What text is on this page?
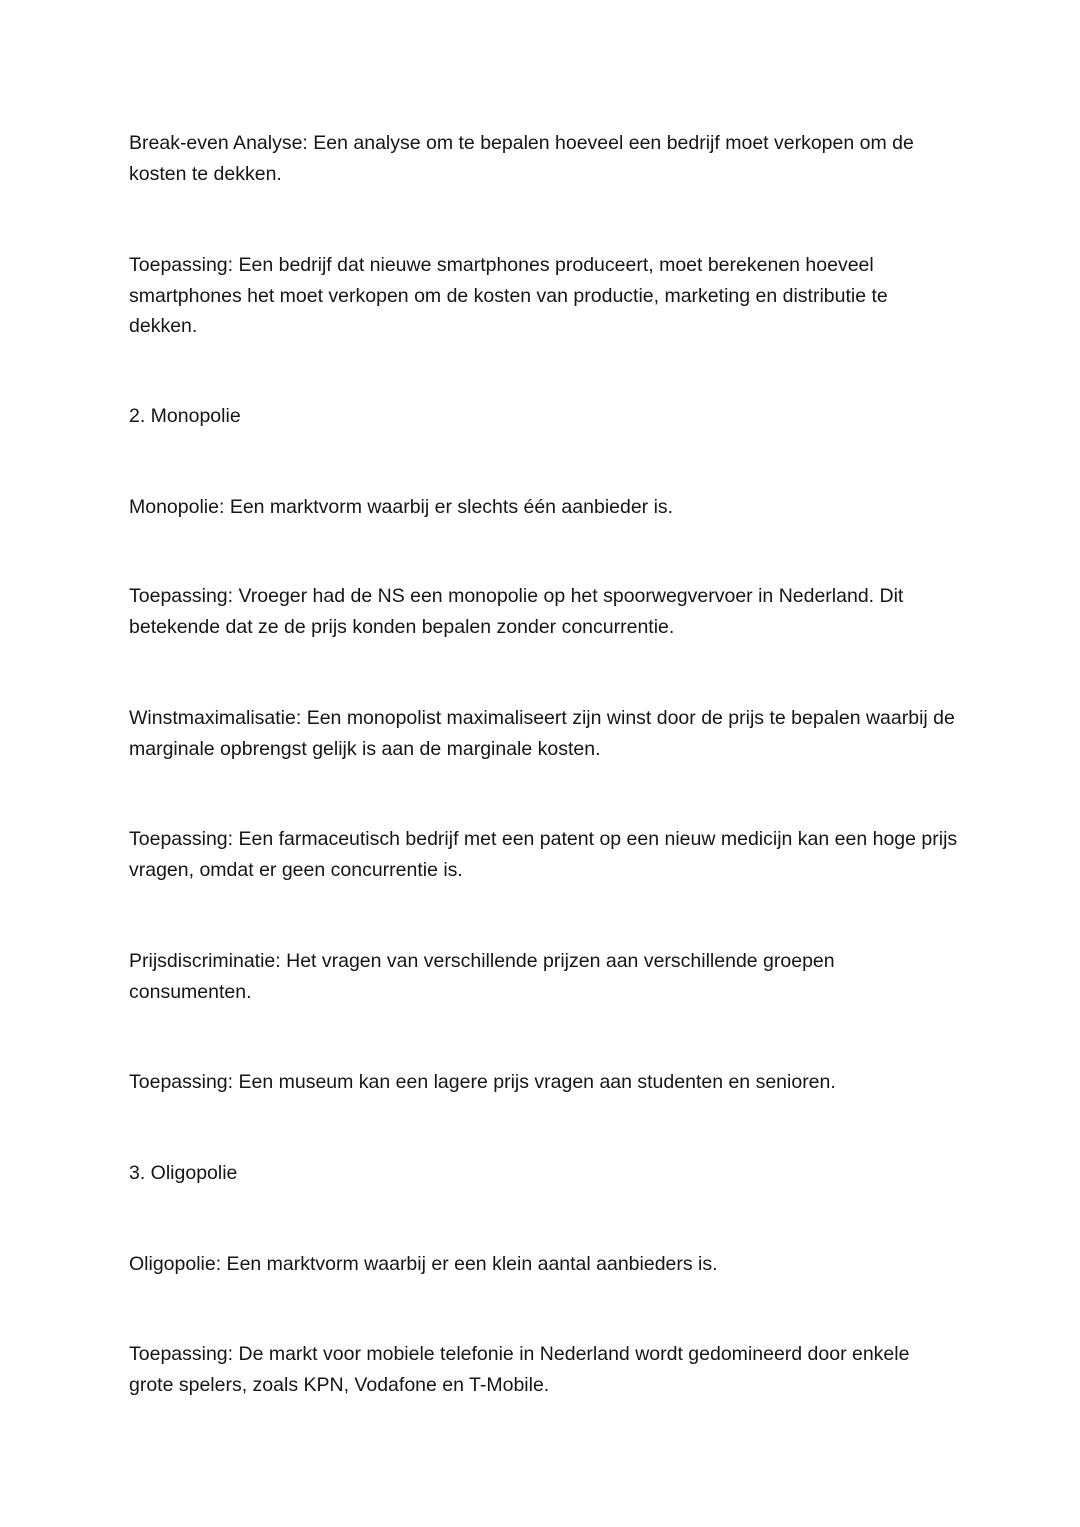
Break-even Analyse: Een analyse om te bepalen hoeveel een bedrijf moet verkopen om de kosten te dekken.

Toepassing: Een bedrijf dat nieuwe smartphones produceert, moet berekenen hoeveel smartphones het moet verkopen om de kosten van productie, marketing en distributie te dekken.

2. Monopolie

Monopolie: Een marktvorm waarbij er slechts één aanbieder is.

Toepassing: Vroeger had de NS een monopolie op het spoorwegvervoer in Nederland. Dit betekende dat ze de prijs konden bepalen zonder concurrentie.

Winstmaximalisatie: Een monopolist maximaliseert zijn winst door de prijs te bepalen waarbij de marginale opbrengst gelijk is aan de marginale kosten.

Toepassing: Een farmaceutisch bedrijf met een patent op een nieuw medicijn kan een hoge prijs vragen, omdat er geen concurrentie is.

Prijsdiscriminatie: Het vragen van verschillende prijzen aan verschillende groepen consumenten.

Toepassing: Een museum kan een lagere prijs vragen aan studenten en senioren.

3. Oligopolie

Oligopolie: Een marktvorm waarbij er een klein aantal aanbieders is.

Toepassing: De markt voor mobiele telefonie in Nederland wordt gedomineerd door enkele grote spelers, zoals KPN, Vodafone en T-Mobile.
